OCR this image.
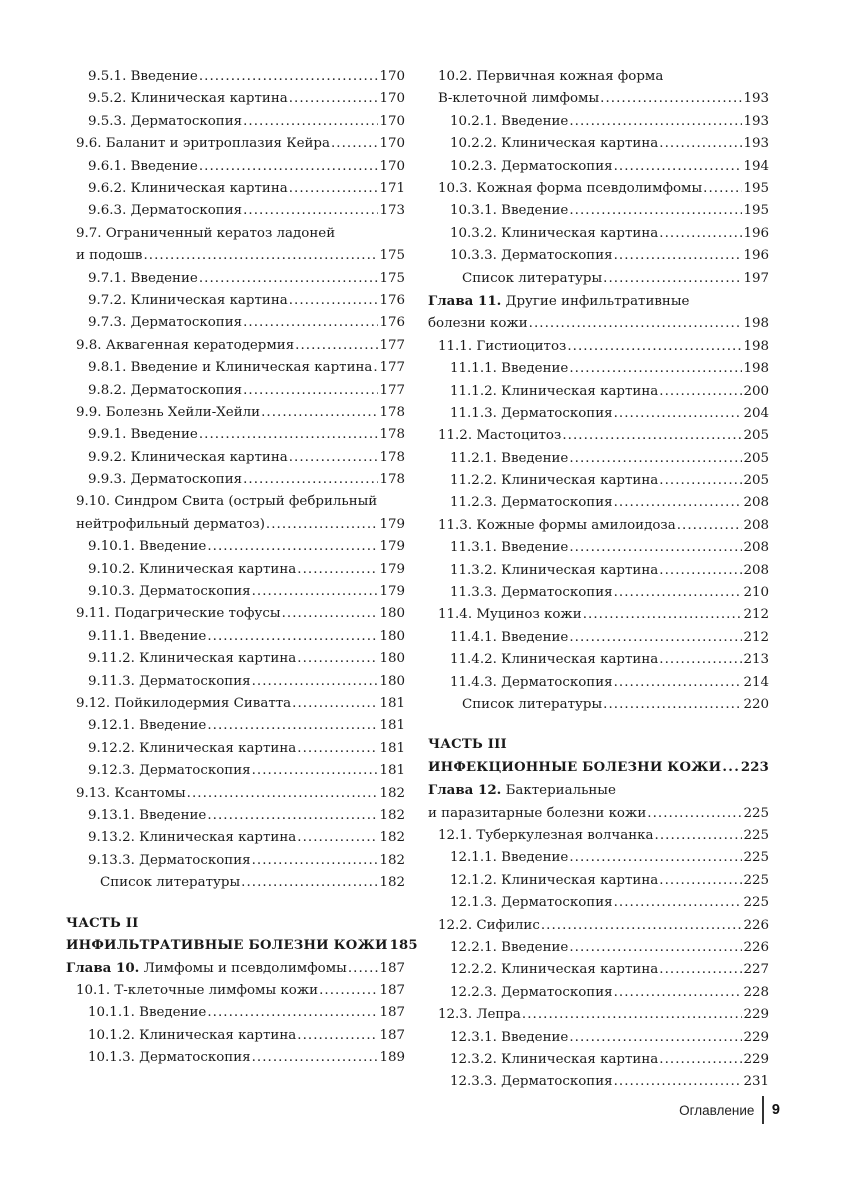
9.5.1. Введение . . .	170
9.5.2. Клиническая картина . . .	170
9.5.3. Дерматоскопия . . .	170
9.6. Баланит и эритроплазия Кейра . . .	170
9.6.1. Введение . . .	170
9.6.2. Клиническая картина . . .	171
9.6.3. Дерматоскопия . . .	173
9.7. Ограниченный кератоз ладоней
и подошв . . .	175
9.7.1. Введение . . .	175
9.7.2. Клиническая картина . . .	176
9.7.3. Дерматоскопия . . .	176
9.8. Аквагенная кератодермия . . .	177
9.8.1. Введение и Клиническая картина . . . 177
9.8.2. Дерматоскопия . . .	177
9.9. Болезнь Хейли-Хейли . . .	178
9.9.1. Введение . . .	178
9.9.2. Клиническая картина . . .	178
9.9.3. Дерматоскопия . . .	178
9.10. Синдром Свита (острый фебрильный
нейтрофильный дерматоз) . . .	179
9.10.1. Введение . . .	179
9.10.2. Клиническая картина . . .	179
9.10.3. Дерматоскопия . . .	179
9.11. Подагрические тофусы . . .	180
9.11.1. Введение . . .	180
9.11.2. Клиническая картина . . .	180
9.11.3. Дерматоскопия . . .	180
9.12. Пойкилодермия Сиватта . . .	181
9.12.1. Введение . . .	181
9.12.2. Клиническая картина . . .	181
9.12.3. Дерматоскопия . . .	181
9.13. Ксантомы . . .	182
9.13.1. Введение . . .	182
9.13.2. Клиническая картина . . .	182
9.13.3. Дерматоскопия . . .	182
Список литературы . . .	182
ЧАСТЬ II
ИНФИЛЬТРАТИВНЫЕ БОЛЕЗНИ КОЖИ 185
Глава 10. Лимфомы и псевдолимфомы . . . 187
10.1. Т-клеточные лимфомы кожи . . .	187
10.1.1. Введение . . .	187
10.1.2. Клиническая картина . . .	187
10.1.3. Дерматоскопия . . .	189
10.2. Первичная кожная форма
В-клеточной лимфомы . . .	193
10.2.1. Введение . . .	193
10.2.2. Клиническая картина . . .	193
10.2.3. Дерматоскопия . . .	194
10.3. Кожная форма псевдолимфомы . . .	195
10.3.1. Введение . . .	195
10.3.2. Клиническая картина . . .	196
10.3.3. Дерматоскопия . . .	196
Список литературы . . .	197
Глава 11. Другие инфильтративные
болезни кожи . . .	198
11.1. Гистиоцитоз . . .	198
11.1.1. Введение . . .	198
11.1.2. Клиническая картина . . .	200
11.1.3. Дерматоскопия . . .	204
11.2. Мастоцитоз . . .	205
11.2.1. Введение . . .	205
11.2.2. Клиническая картина . . .	205
11.2.3. Дерматоскопия . . .	208
11.3. Кожные формы амилоидоза . . .	208
11.3.1. Введение . . .	208
11.3.2. Клиническая картина . . .	208
11.3.3. Дерматоскопия . . .	210
11.4. Муциноз кожи . . .	212
11.4.1. Введение . . .	212
11.4.2. Клиническая картина . . .	213
11.4.3. Дерматоскопия . . .	214
Список литературы . . .	220
ЧАСТЬ III
ИНФЕКЦИОННЫЕ БОЛЕЗНИ КОЖИ . . . 223
Глава 12. Бактериальные
и паразитарные болезни кожи . . .	225
12.1. Туберкулезная волчанка . . .	225
12.1.1. Введение . . .	225
12.1.2. Клиническая картина . . .	225
12.1.3. Дерматоскопия . . .	225
12.2. Сифилис . . .	226
12.2.1. Введение . . .	226
12.2.2. Клиническая картина . . .	227
12.2.3. Дерматоскопия . . .	228
12.3. Лепра . . .	229
12.3.1. Введение . . .	229
12.3.2. Клиническая картина . . .	229
12.3.3. Дерматоскопия . . .	231
Оглавление	9
